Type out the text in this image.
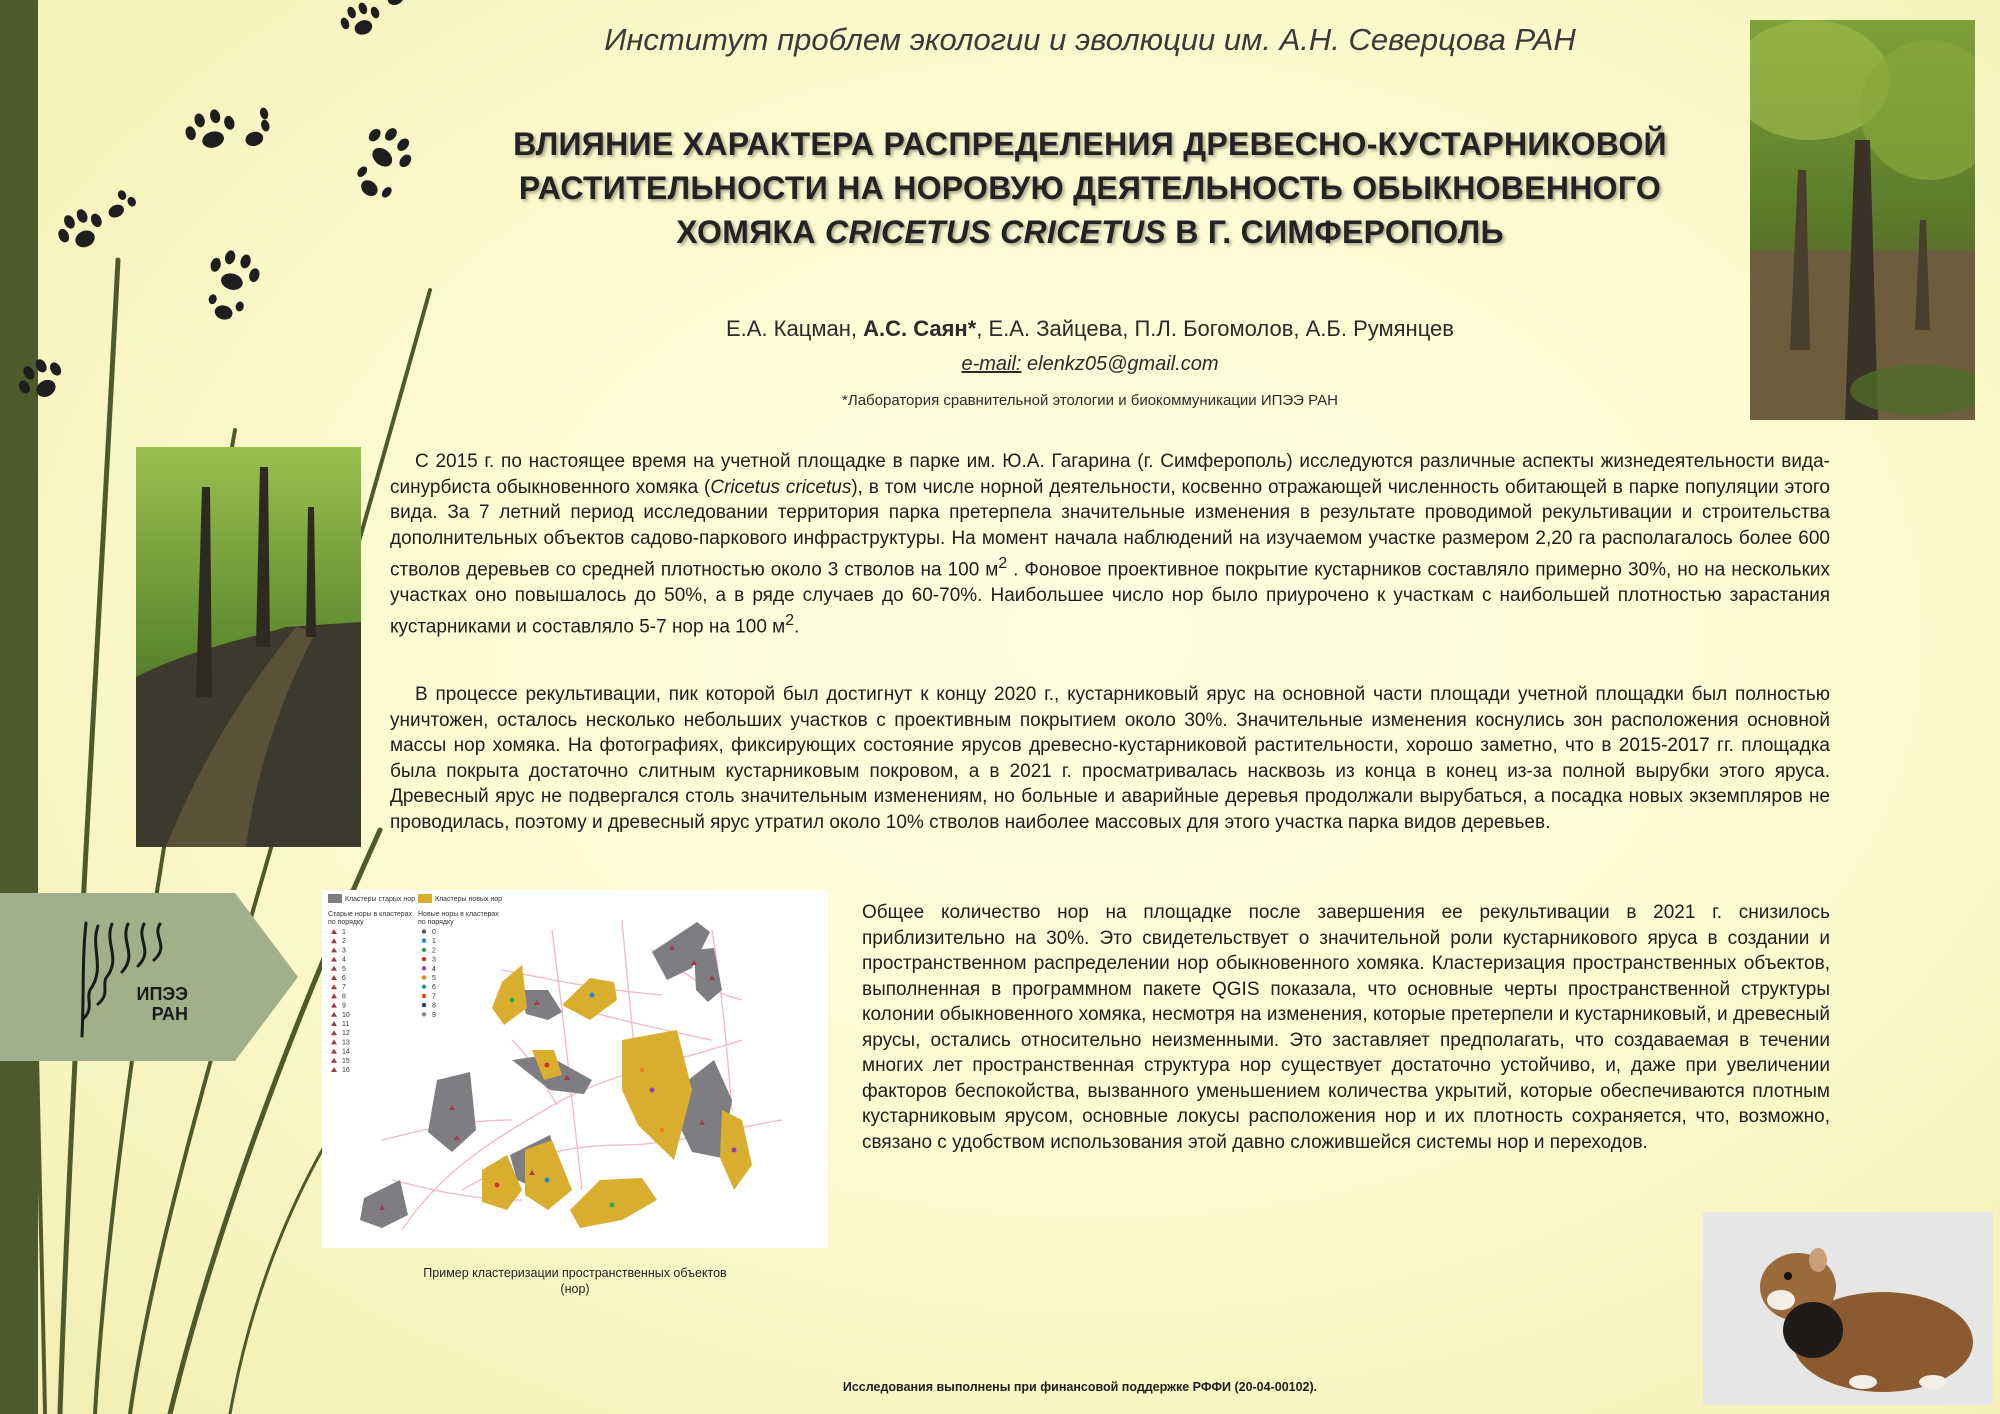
ИПЭЭ
РАН
Институт проблем экологии и эволюции им. А.Н. Северцова РАН
ВЛИЯНИЕ ХАРАКТЕРА РАСПРЕДЕЛЕНИЯ ДРЕВЕСНО-КУСТАРНИКОВОЙ
РАСТИТЕЛЬНОСТИ НА НОРОВУЮ ДЕЯТЕЛЬНОСТЬ ОБЫКНОВЕННОГО
ХОМЯКА CRICETUS CRICETUS В Г. СИМФЕРОПОЛЬ
Е.А. Кацман, А.С. Саян*, Е.А. Зайцева, П.Л. Богомолов, А.Б. Румянцев
e-mail: elenkz05@gmail.com
*Лаборатория сравнительной этологии и биокоммуникации ИПЭЭ РАН
С 2015 г. по настоящее время на учетной площадке в парке им. Ю.А. Гагарина (г. Симферополь) исследуются различные аспекты жизнедеятельности вида-синурбиста обыкновенного хомяка (Cricetus cricetus), в том числе норной деятельности, косвенно отражающей численность обитающей в парке популяции этого вида. За 7 летний период исследовании территория парка претерпела значительные изменения в результате проводимой рекультивации и строительства дополнительных объектов садово-паркового инфраструктуры. На момент начала наблюдений на изучаемом участке размером 2,20 га располагалось более 600 стволов деревьев со средней плотностью около 3 стволов на 100 $м^2$ . Фоновое проективное покрытие кустарников составляло примерно 30%, но на нескольких участках оно повышалось до 50%, а в ряде случаев до 60-70%. Наибольшее число нор было приурочено к участкам с наибольшей плотностью зарастания кустарниками и составляло 5-7 нор на 100 $м^2$.
В процессе рекультивации, пик которой был достигнут к концу 2020 г., кустарниковый ярус на основной части площади учетной площадки был полностью уничтожен, осталось несколько небольших участков с проективным покрытием около 30%. Значительные изменения коснулись зон расположения основной массы нор хомяка. На фотографиях, фиксирующих состояние ярусов древесно-кустарниковой растительности, хорошо заметно, что в 2015-2017 гг. площадка была покрыта достаточно слитным кустарниковым покровом, а в 2021 г. просматривалась насквозь из конца в конец из-за полной вырубки этого яруса. Древесный ярус не подвергался столь значительным изменениям, но больные и аварийные деревья продолжали вырубаться, а посадка новых экземпляров не проводилась, поэтому и древесный ярус утратил около 10% стволов наиболее массовых для этого участка парка видов деревьев.
Общее количество нор на площадке после завершения ее рекультивации в 2021 г. снизилось приблизительно на 30%. Это свидетельствует о значительной роли кустарникового яруса в создании и пространственном распределении нор обыкновенного хомяка. Кластеризация пространственных объектов, выполненная в программном пакете QGIS показала, что основные черты пространственной структуры колонии обыкновенного хомяка, несмотря на изменения, которые претерпели и кустарниковый, и древесный ярусы, остались относительно неизменными. Это заставляет предполагать, что создаваемая в течении многих лет пространственная структура нор существует достаточно устойчиво, и, даже при увеличении факторов беспокойства, вызванного уменьшением количества укрытий, которые обеспечиваются плотным кустарниковым ярусом, основные локусы расположения нор и их плотность сохраняется, что, возможно, связано с удобством использования этой давно сложившейся системы нор и переходов.
Кластеры старых нор	Кластеры новых нор
Старые норы в кластерах
по порядку
Новые норы в кластерах
по порядку
1
2
3
4
5
6
7
8
9
10
11
12
13
14
15
16
0
1
2
3
4
5
6
7
8
9
Пример кластеризации пространственных объектов (нор)
Исследования выполнены при финансовой поддержке РФФИ (20-04-00102).
